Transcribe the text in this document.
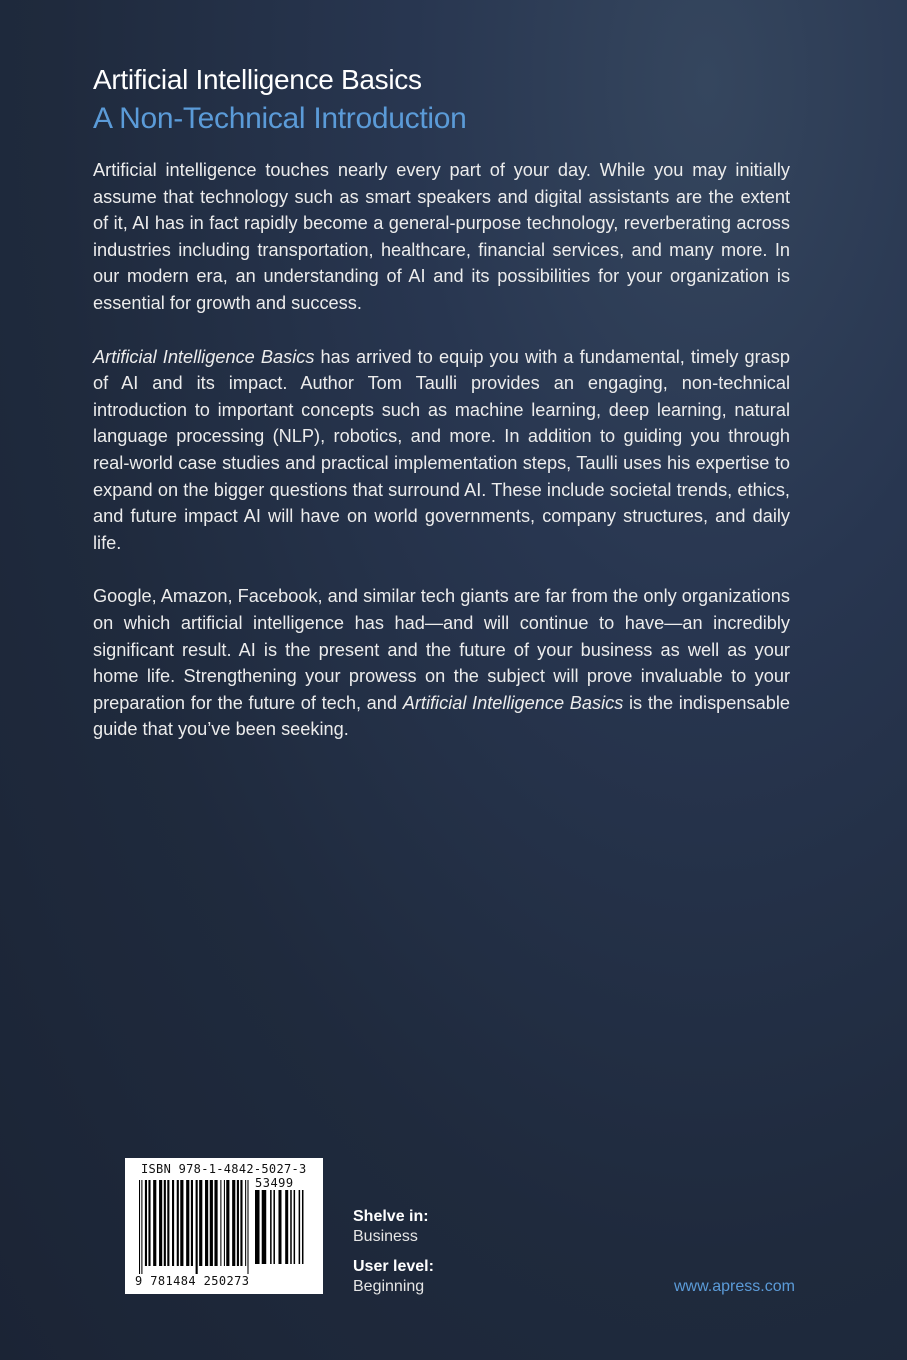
Artificial Intelligence Basics
A Non-Technical Introduction

Artificial intelligence touches nearly every part of your day. While you may initially assume that technology such as smart speakers and digital assistants are the extent of it, AI has in fact rapidly become a general-purpose technology, reverberating across industries including transportation, healthcare, financial services, and many more. In our modern era, an understanding of AI and its possibilities for your organization is essential for growth and success.

Artificial Intelligence Basics has arrived to equip you with a fundamental, timely grasp of AI and its impact. Author Tom Taulli provides an engaging, non-technical introduction to important concepts such as machine learning, deep learning, natural language processing (NLP), robotics, and more. In addition to guiding you through real-world case studies and practical implementation steps, Taulli uses his expertise to expand on the bigger questions that surround AI. These include societal trends, ethics, and future impact AI will have on world governments, company structures, and daily life.

Google, Amazon, Facebook, and similar tech giants are far from the only organizations on which artificial intelligence has had—and will continue to have—an incredibly significant result. AI is the present and the future of your business as well as your home life. Strengthening your prowess on the subject will prove invaluable to your preparation for the future of tech, and Artificial Intelligence Basics is the indispensable guide that you’ve been seeking.

ISBN 978-1-4842-5027-3
53499
9 781484 250273
Shelve in:
Business
User level:
Beginning	www.apress.com
